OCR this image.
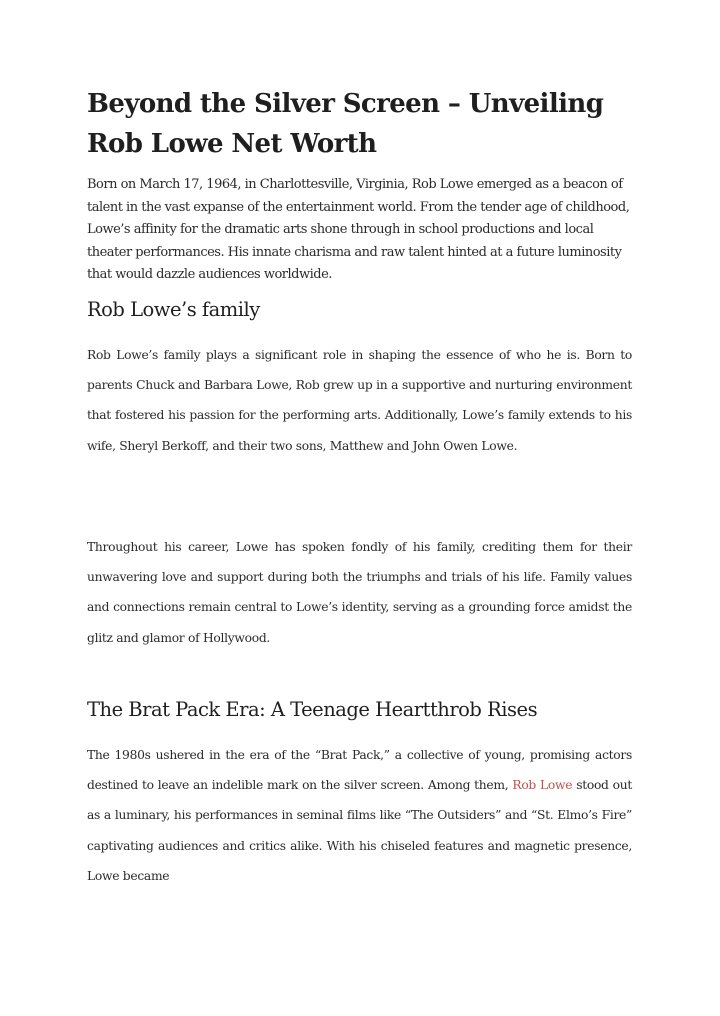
Beyond the Silver Screen – Unveiling Rob Lowe Net Worth

Born on March 17, 1964, in Charlottesville, Virginia, Rob Lowe emerged as a beacon of talent in the vast expanse of the entertainment world. From the tender age of childhood, Lowe’s affinity for the dramatic arts shone through in school productions and local theater performances. His innate charisma and raw talent hinted at a future luminosity that would dazzle audiences worldwide.

Rob Lowe’s family

Rob Lowe’s family plays a significant role in shaping the essence of who he is. Born to parents Chuck and Barbara Lowe, Rob grew up in a supportive and nurturing environment that fostered his passion for the performing arts. Additionally, Lowe’s family extends to his wife, Sheryl Berkoff, and their two sons, Matthew and John Owen Lowe.

Throughout his career, Lowe has spoken fondly of his family, crediting them for their unwavering love and support during both the triumphs and trials of his life. Family values and connections remain central to Lowe’s identity, serving as a grounding force amidst the glitz and glamor of Hollywood.

The Brat Pack Era: A Teenage Heartthrob Rises

The 1980s ushered in the era of the “Brat Pack,” a collective of young, promising actors destined to leave an indelible mark on the silver screen. Among them, Rob Lowe stood out as a luminary, his performances in seminal films like “The Outsiders” and “St. Elmo’s Fire” captivating audiences and critics alike. With his chiseled features and magnetic presence, Lowe became
